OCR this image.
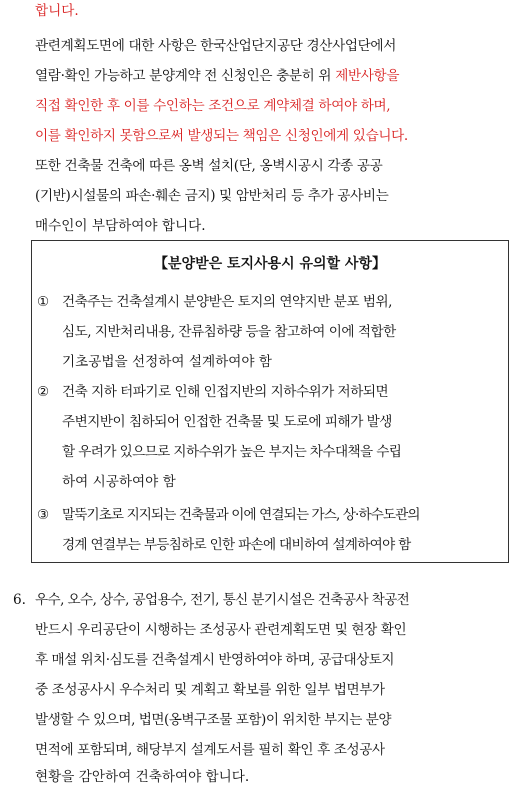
합니다.
관련계획도면에 대한 사항은 한국산업단지공단 경산사업단에서
열람·확인 가능하고 분양계약 전 신청인은 충분히 위 제반사항을
직접 확인한 후 이를 수인하는 조건으로 계약체결 하여야 하며,
이를 확인하지 못함으로써 발생되는 책임은 신청인에게 있습니다.
또한 건축물 건축에 따른 옹벽 설치(단, 옹벽시공시 각종 공공
(기반)시설물의 파손·훼손 금지) 및 암반처리 등 추가 공사비는
매수인이 부담하여야 합니다.
【분양받은 토지사용시 유의할 사항】
① 건축주는 건축설계시 분양받은 토지의 연약지반 분포 범위,
심도, 지반처리내용, 잔류침하량 등을 참고하여 이에 적합한
기초공법을 선정하여 설계하여야 함
② 건축 지하 터파기로 인해 인접지반의 지하수위가 저하되면
주변지반이 침하되어 인접한 건축물 및 도로에 피해가 발생
할 우려가 있으므로 지하수위가 높은 부지는 차수대책을 수립
하여 시공하여야 함
③ 말뚝기초로 지지되는 건축물과 이에 연결되는 가스, 상·하수도관의
경계 연결부는 부등침하로 인한 파손에 대비하여 설계하여야 함
6. 우수, 오수, 상수, 공업용수, 전기, 통신 분기시설은 건축공사 착공전
반드시 우리공단이 시행하는 조성공사 관련계획도면 및 현장 확인
후 매설 위치·심도를 건축설계시 반영하여야 하며, 공급대상토지
중 조성공사시 우수처리 및 계획고 확보를 위한 일부 법면부가
발생할 수 있으며, 법면(옹벽구조물 포함)이 위치한 부지는 분양
면적에 포함되며, 해당부지 설계도서를 필히 확인 후 조성공사
현황을 감안하여 건축하여야 합니다.
